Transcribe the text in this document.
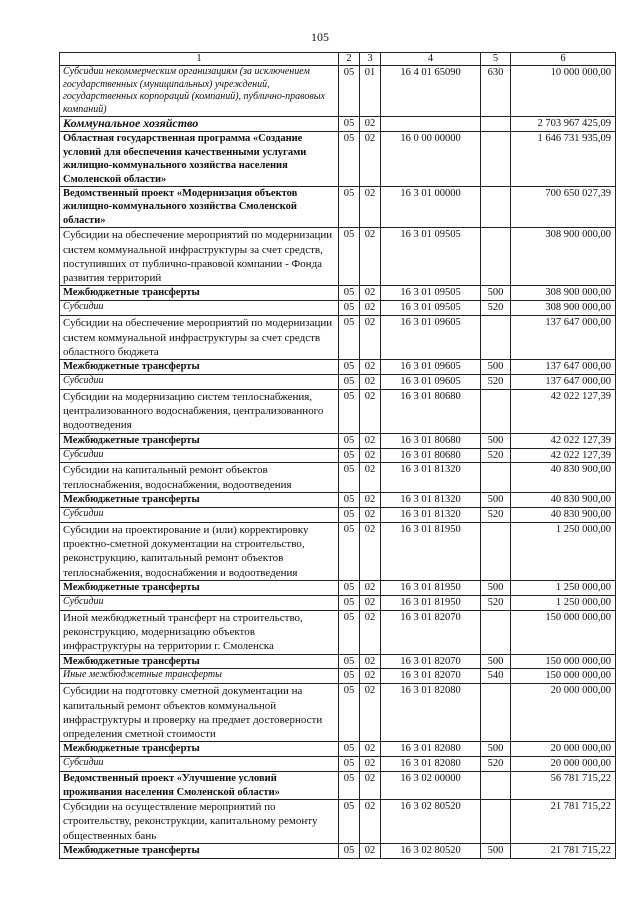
105
1	2	3	4	5	6
Субсидии некоммерческим организациям (за исключением государственных (муниципальных) учреждений, государственных корпораций (компаний), публично-правовых компаний)	05	01	16 4 01 65090	630	10 000 000,00
Коммунальное хозяйство	05	02			2 703 967 425,09
Областная государственная программа «Создание условий для обеспечения качественными услугами жилищно-коммунального хозяйства населения Смоленской области»	05	02	16 0 00 00000		1 646 731 935,09
Ведомственный проект «Модернизация объектов жилищно-коммунального хозяйства Смоленской области»	05	02	16 3 01 00000		700 650 027,39
Субсидии на обеспечение мероприятий по модернизации систем коммунальной инфраструктуры за счет средств, поступивших от публично-правовой компании - Фонда развития территорий	05	02	16 3 01 09505		308 900 000,00
Межбюджетные трансферты	05	02	16 3 01 09505	500	308 900 000,00
Субсидии	05	02	16 3 01 09505	520	308 900 000,00
Субсидии на обеспечение мероприятий по модернизации систем коммунальной инфраструктуры за счет средств областного бюджета	05	02	16 3 01 09605		137 647 000,00
Межбюджетные трансферты	05	02	16 3 01 09605	500	137 647 000,00
Субсидии	05	02	16 3 01 09605	520	137 647 000,00
Субсидии на модернизацию систем теплоснабжения, централизованного водоснабжения, централизованного водоотведения	05	02	16 3 01 80680		42 022 127,39
Межбюджетные трансферты	05	02	16 3 01 80680	500	42 022 127,39
Субсидии	05	02	16 3 01 80680	520	42 022 127,39
Субсидии на капитальный ремонт объектов теплоснабжения, водоснабжения, водоотведения	05	02	16 3 01 81320		40 830 900,00
Межбюджетные трансферты	05	02	16 3 01 81320	500	40 830 900,00
Субсидии	05	02	16 3 01 81320	520	40 830 900,00
Субсидии на проектирование и (или) корректировку проектно-сметной документации на строительство, реконструкцию, капитальный ремонт объектов теплоснабжения, водоснабжения и водоотведения	05	02	16 3 01 81950		1 250 000,00
Межбюджетные трансферты	05	02	16 3 01 81950	500	1 250 000,00
Субсидии	05	02	16 3 01 81950	520	1 250 000,00
Иной межбюджетный трансферт на строительство, реконструкцию, модернизацию объектов инфраструктуры на территории г. Смоленска	05	02	16 3 01 82070		150 000 000,00
Межбюджетные трансферты	05	02	16 3 01 82070	500	150 000 000,00
Иные межбюджетные трансферты	05	02	16 3 01 82070	540	150 000 000,00
Субсидии на подготовку сметной документации на капитальный ремонт объектов коммунальной инфраструктуры и проверку на предмет достоверности определения сметной стоимости	05	02	16 3 01 82080		20 000 000,00
Межбюджетные трансферты	05	02	16 3 01 82080	500	20 000 000,00
Субсидии	05	02	16 3 01 82080	520	20 000 000,00
Ведомственный проект «Улучшение условий проживания населения Смоленской области»	05	02	16 3 02 00000		56 781 715,22
Субсидии на осуществление мероприятий по строительству, реконструкции, капитальному ремонту общественных бань	05	02	16 3 02 80520		21 781 715,22
Межбюджетные трансферты	05	02	16 3 02 80520	500	21 781 715,22
